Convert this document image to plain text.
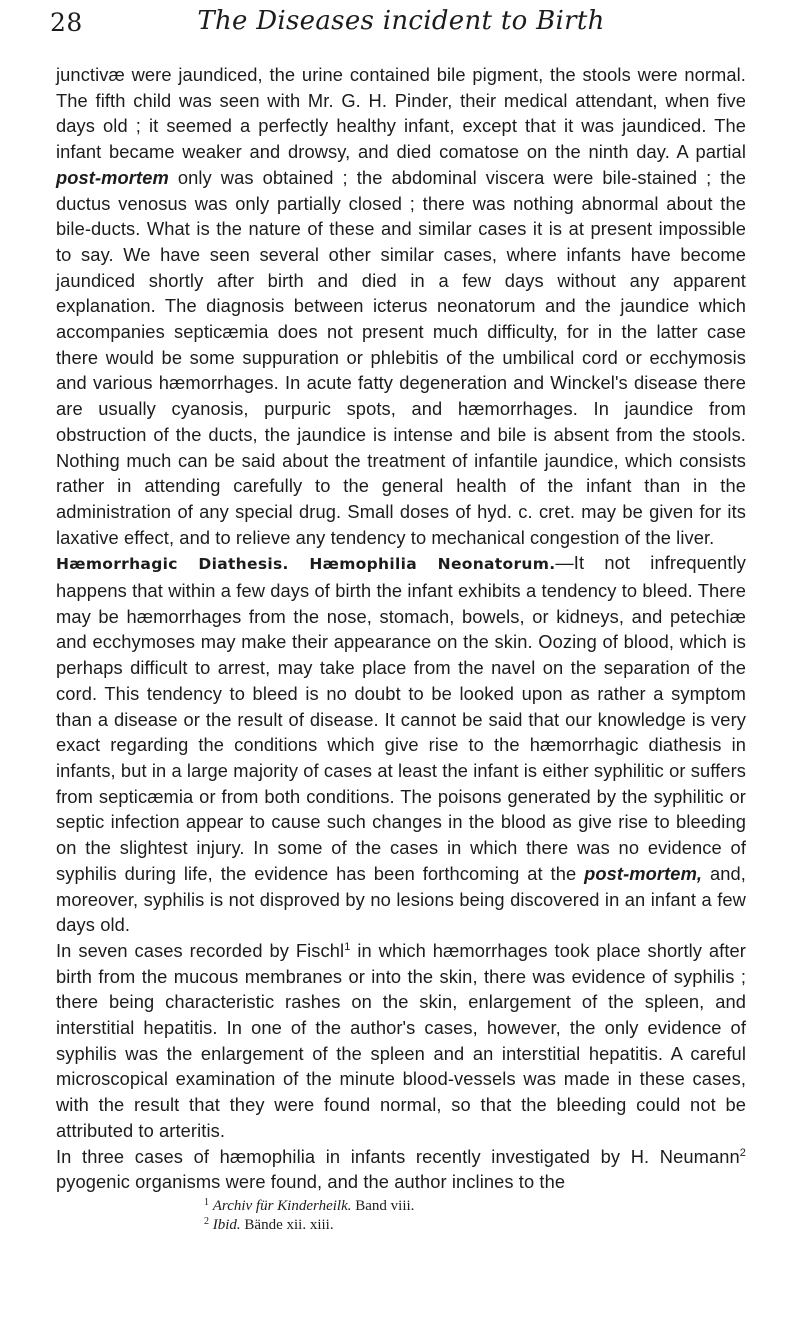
28	The Diseases incident to Birth

junctivæ were jaundiced, the urine contained bile pigment, the stools were normal. The fifth child was seen with Mr. G. H. Pinder, their medical attendant, when five days old ; it seemed a perfectly healthy infant, except that it was jaundiced. The infant became weaker and drowsy, and died comatose on the ninth day. A partial post-mortem only was obtained ; the abdominal viscera were bile-stained ; the ductus venosus was only partially closed ; there was nothing abnormal about the bile-ducts. What is the nature of these and similar cases it is at present impossible to say. We have seen several other similar cases, where infants have become jaundiced shortly after birth and died in a few days without any apparent explanation. The diagnosis between icterus neonatorum and the jaundice which accompanies septicæmia does not present much difficulty, for in the latter case there would be some suppuration or phlebitis of the umbilical cord or ecchymosis and various hæmorrhages. In acute fatty degeneration and Winckel's disease there are usually cyanosis, purpuric spots, and hæmorrhages. In jaundice from obstruction of the ducts, the jaundice is intense and bile is absent from the stools. Nothing much can be said about the treatment of infantile jaundice, which consists rather in attending carefully to the general health of the infant than in the administration of any special drug. Small doses of hyd. c. cret. may be given for its laxative effect, and to relieve any tendency to mechanical congestion of the liver.

Hæmorrhagic Diathesis. Hæmophilia Neonatorum.—It not infrequently happens that within a few days of birth the infant exhibits a tendency to bleed. There may be hæmorrhages from the nose, stomach, bowels, or kidneys, and petechiæ and ecchymoses may make their appearance on the skin. Oozing of blood, which is perhaps difficult to arrest, may take place from the navel on the separation of the cord. This tendency to bleed is no doubt to be looked upon as rather a symptom than a disease or the result of disease. It cannot be said that our knowledge is very exact regarding the conditions which give rise to the hæmorrhagic diathesis in infants, but in a large majority of cases at least the infant is either syphilitic or suffers from septicæmia or from both conditions. The poisons generated by the syphilitic or septic infection appear to cause such changes in the blood as give rise to bleeding on the slightest injury. In some of the cases in which there was no evidence of syphilis during life, the evidence has been forthcoming at the post-mortem, and, moreover, syphilis is not disproved by no lesions being discovered in an infant a few days old.

In seven cases recorded by Fischl$^1$ in which hæmorrhages took place shortly after birth from the mucous membranes or into the skin, there was evidence of syphilis ; there being characteristic rashes on the skin, enlargement of the spleen, and interstitial hepatitis. In one of the author's cases, however, the only evidence of syphilis was the enlargement of the spleen and an interstitial hepatitis. A careful microscopical examination of the minute blood-vessels was made in these cases, with the result that they were found normal, so that the bleeding could not be attributed to arteritis.

In three cases of hæmophilia in infants recently investigated by H. Neumann$^2$ pyogenic organisms were found, and the author inclines to the

$^1$ Archiv für Kinderheilk. Band viii.
$^2$ Ibid. Bände xii. xiii.
